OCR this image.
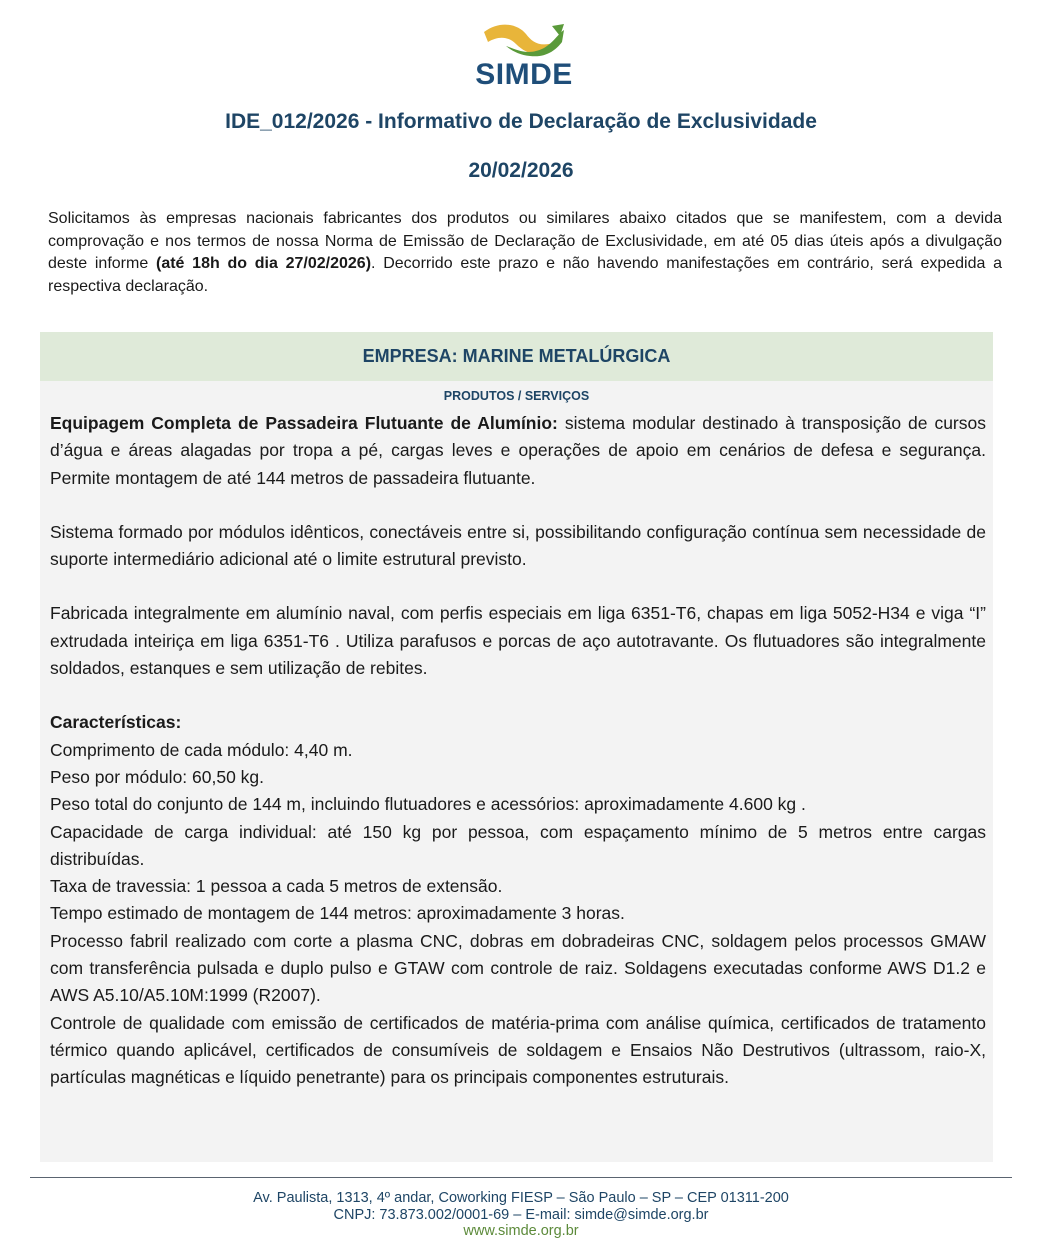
SIMDE
IDE_012/2026 - Informativo de Declaração de Exclusividade
20/02/2026
Solicitamos às empresas nacionais fabricantes dos produtos ou similares abaixo citados que se manifestem, com a devida comprovação e nos termos de nossa Norma de Emissão de Declaração de Exclusividade, em até 05 dias úteis após a divulgação deste informe (até 18h do dia 27/02/2026). Decorrido este prazo e não havendo manifestações em contrário, será expedida a respectiva declaração.
EMPRESA: MARINE METALÚRGICA
PRODUTOS / SERVIÇOS

Equipagem Completa de Passadeira Flutuante de Alumínio: sistema modular destinado à transposição de cursos d’água e áreas alagadas por tropa a pé, cargas leves e operações de apoio em cenários de defesa e segurança. Permite montagem de até 144 metros de passadeira flutuante.

Sistema formado por módulos idênticos, conectáveis entre si, possibilitando configuração contínua sem necessidade de suporte intermediário adicional até o limite estrutural previsto.

Fabricada integralmente em alumínio naval, com perfis especiais em liga 6351-T6, chapas em liga 5052-H34 e viga “I” extrudada inteiriça em liga 6351-T6 . Utiliza parafusos e porcas de aço autotravante. Os flutuadores são integralmente soldados, estanques e sem utilização de rebites.

Características:

Comprimento de cada módulo: 4,40 m.

Peso por módulo: 60,50 kg.

Peso total do conjunto de 144 m, incluindo flutuadores e acessórios: aproximadamente 4.600 kg .

Capacidade de carga individual: até 150 kg por pessoa, com espaçamento mínimo de 5 metros entre cargas distribuídas.

Taxa de travessia: 1 pessoa a cada 5 metros de extensão.

Tempo estimado de montagem de 144 metros: aproximadamente 3 horas.

Processo fabril realizado com corte a plasma CNC, dobras em dobradeiras CNC, soldagem pelos processos GMAW com transferência pulsada e duplo pulso e GTAW com controle de raiz. Soldagens executadas conforme AWS D1.2 e AWS A5.10/A5.10M:1999 (R2007).

Controle de qualidade com emissão de certificados de matéria-prima com análise química, certificados de tratamento térmico quando aplicável, certificados de consumíveis de soldagem e Ensaios Não Destrutivos (ultrassom, raio-X, partículas magnéticas e líquido penetrante) para os principais componentes estruturais.

Av. Paulista, 1313, 4º andar, Coworking FIESP – São Paulo – SP – CEP 01311-200
CNPJ: 73.873.002/0001-69 – E-mail: simde@simde.org.br
www.simde.org.br
